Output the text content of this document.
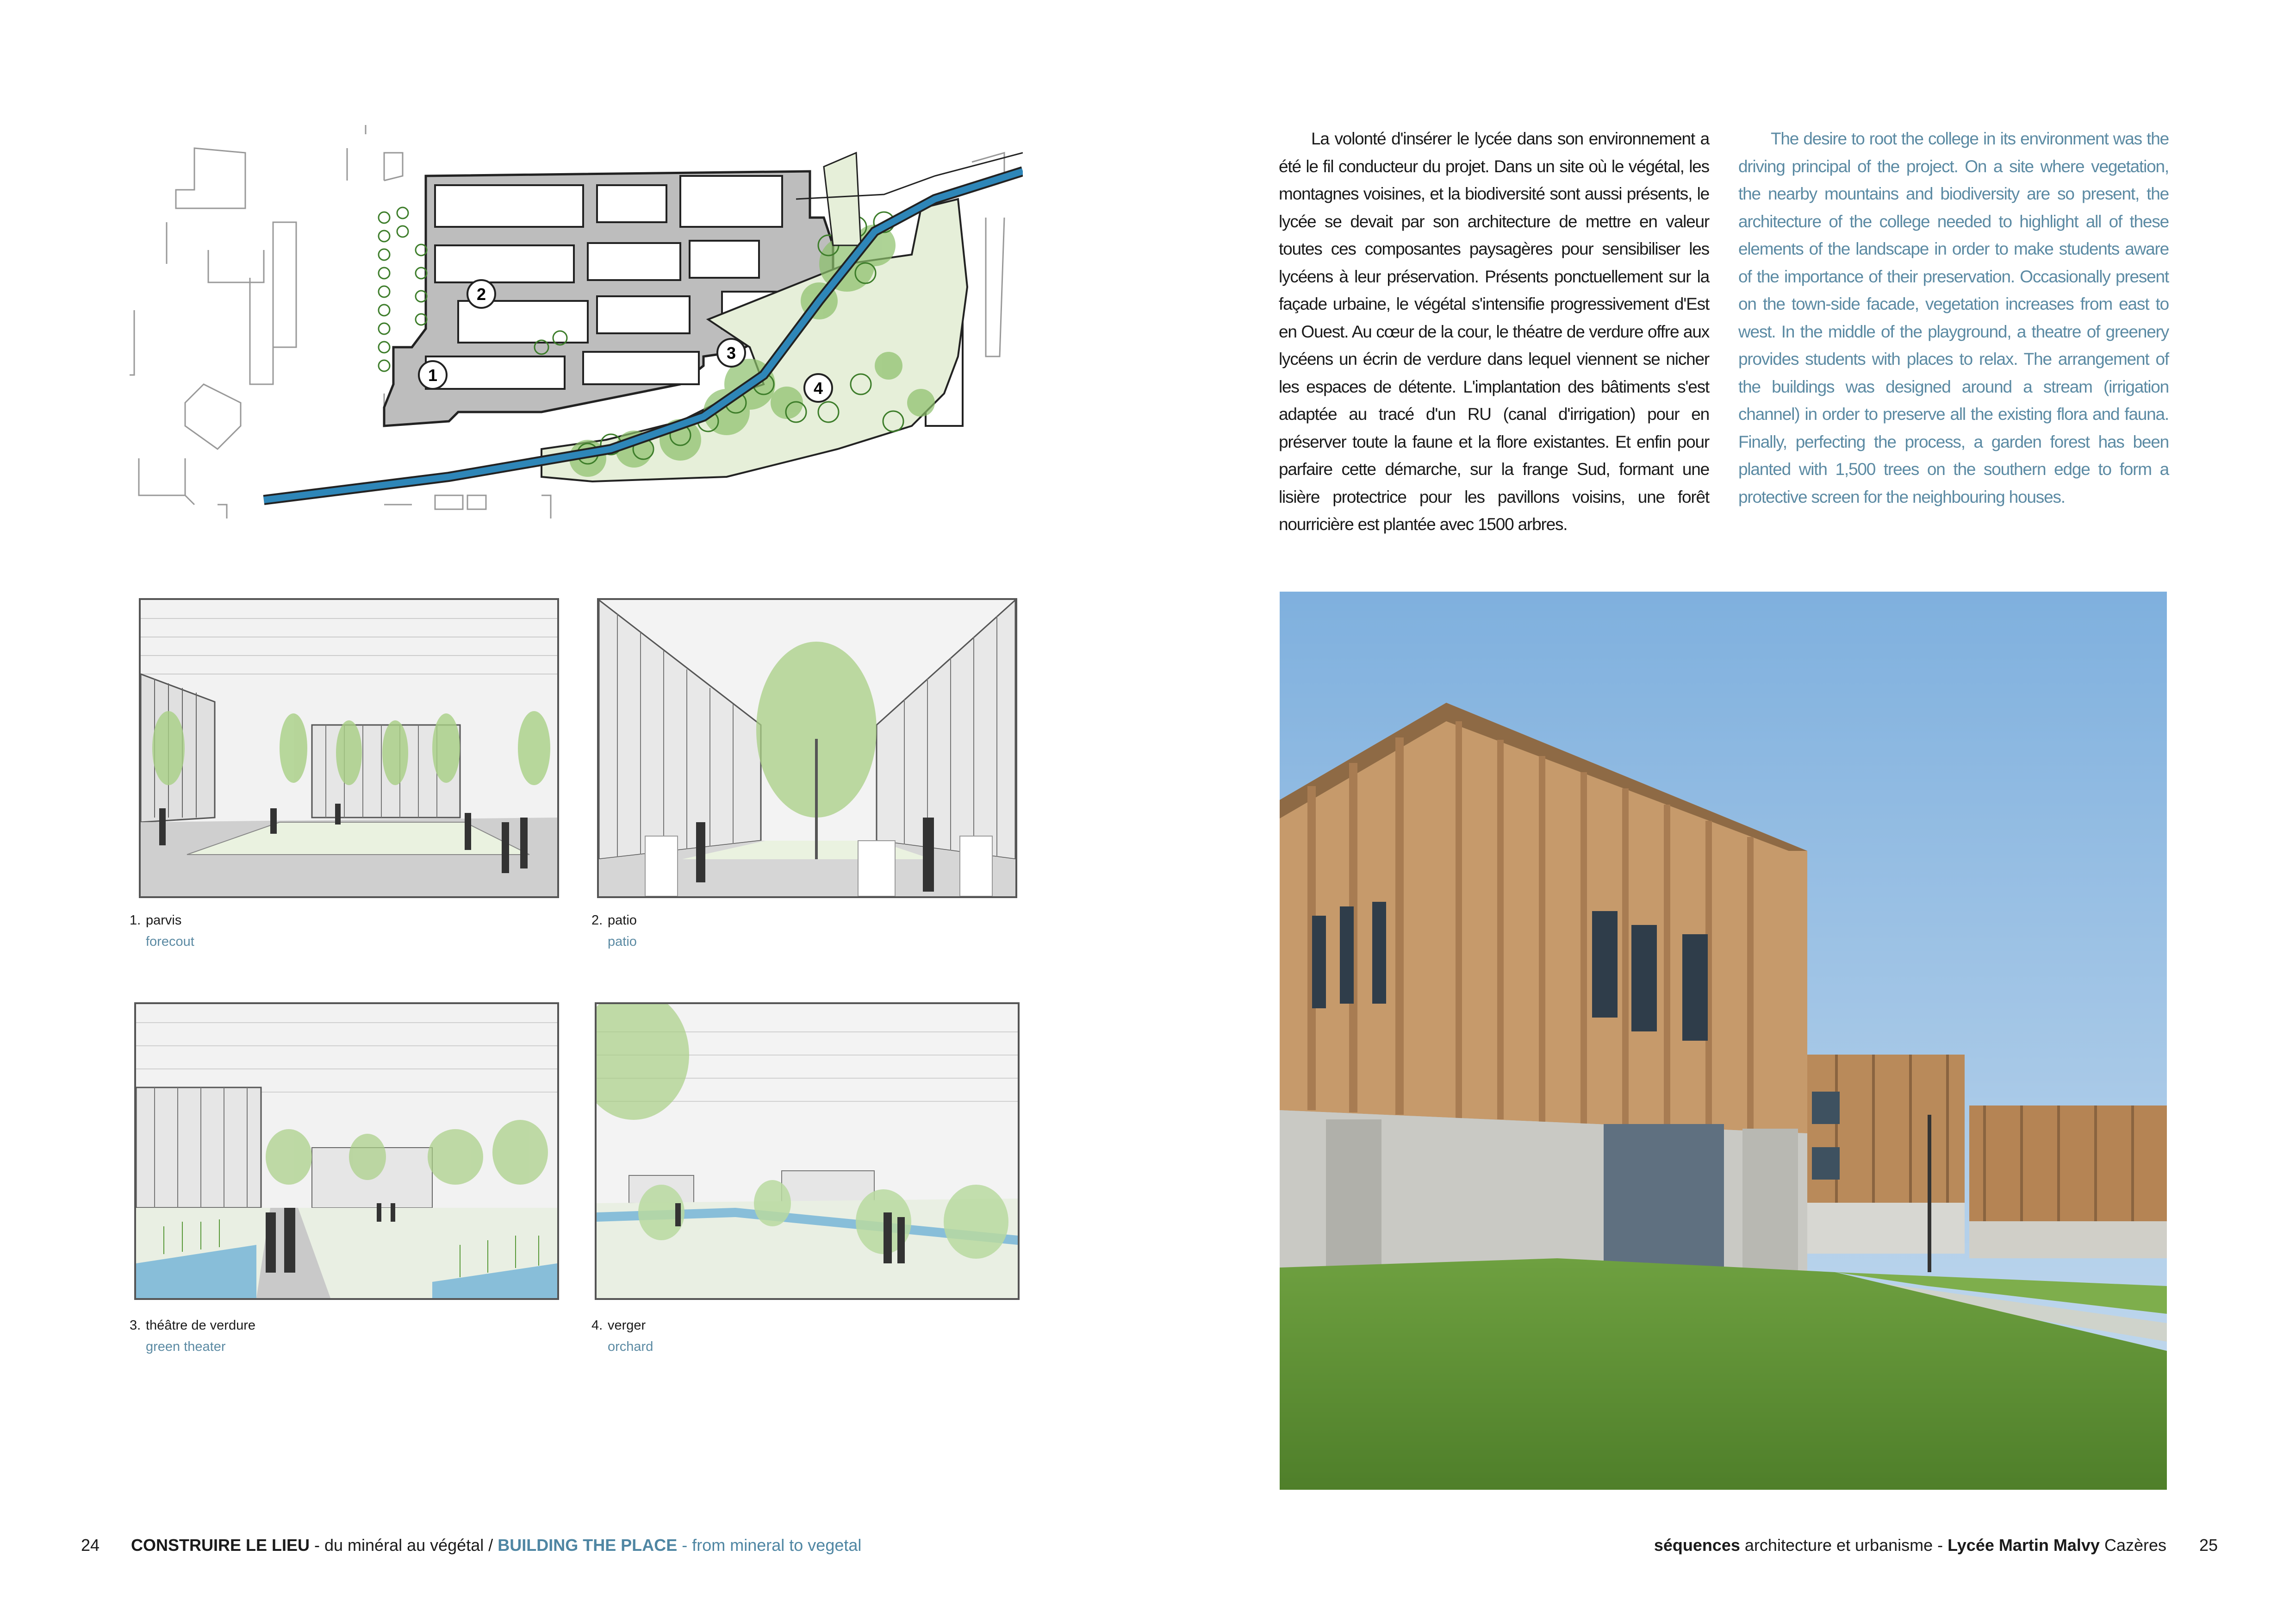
1
2
3
4
La volonté d'insérer le lycée dans son environnement a été le fil conducteur du projet. Dans un site où le végétal, les montagnes voisines, et la biodiversité sont aussi présents, le lycée se devait par son architecture de mettre en valeur toutes ces composantes paysagères pour sensibiliser les lycéens à leur préservation. Présents ponctuellement sur la façade urbaine, le végétal s'intensifie progressivement d'Est en Ouest. Au cœur de la cour, le théatre de verdure offre aux lycéens un écrin de verdure dans lequel viennent se nicher les espaces de détente. L'implantation des bâtiments s'est adaptée au tracé d'un RU (canal d'irrigation) pour en préserver toute la faune et la flore existantes. Et enfin pour parfaire cette démarche, sur la frange Sud, formant une lisière protectrice pour les pavillons voisins, une forêt nourricière est plantée avec 1500 arbres.
The desire to root the college in its environment was the driving principal of the project. On a site where vegetation, the nearby mountains and biodiversity are so present, the architecture of the college needed to highlight all of these elements of the landscape in order to make students aware of the importance of their preservation. Occasionally present on the town-side facade, vegetation increases from east to west. In the middle of the playground, a theatre of greenery provides students with places to relax. The arrangement of the buildings was designed around a stream (irrigation channel) in order to preserve all the existing flora and fauna. Finally, perfecting the process, a garden forest has been planted with 1,500 trees on the southern edge to form a protective screen for the neighbouring houses.
1. parvis
forecout
2. patio
patio
3. théâtre de verdure
green theater
4. verger
orchard
24 CONSTRUIRE LE LIEU - du minéral au végétal / BUILDING THE PLACE - from mineral to vegetal	séquences architecture et urbanisme - Lycée Martin Malvy Cazères 25
